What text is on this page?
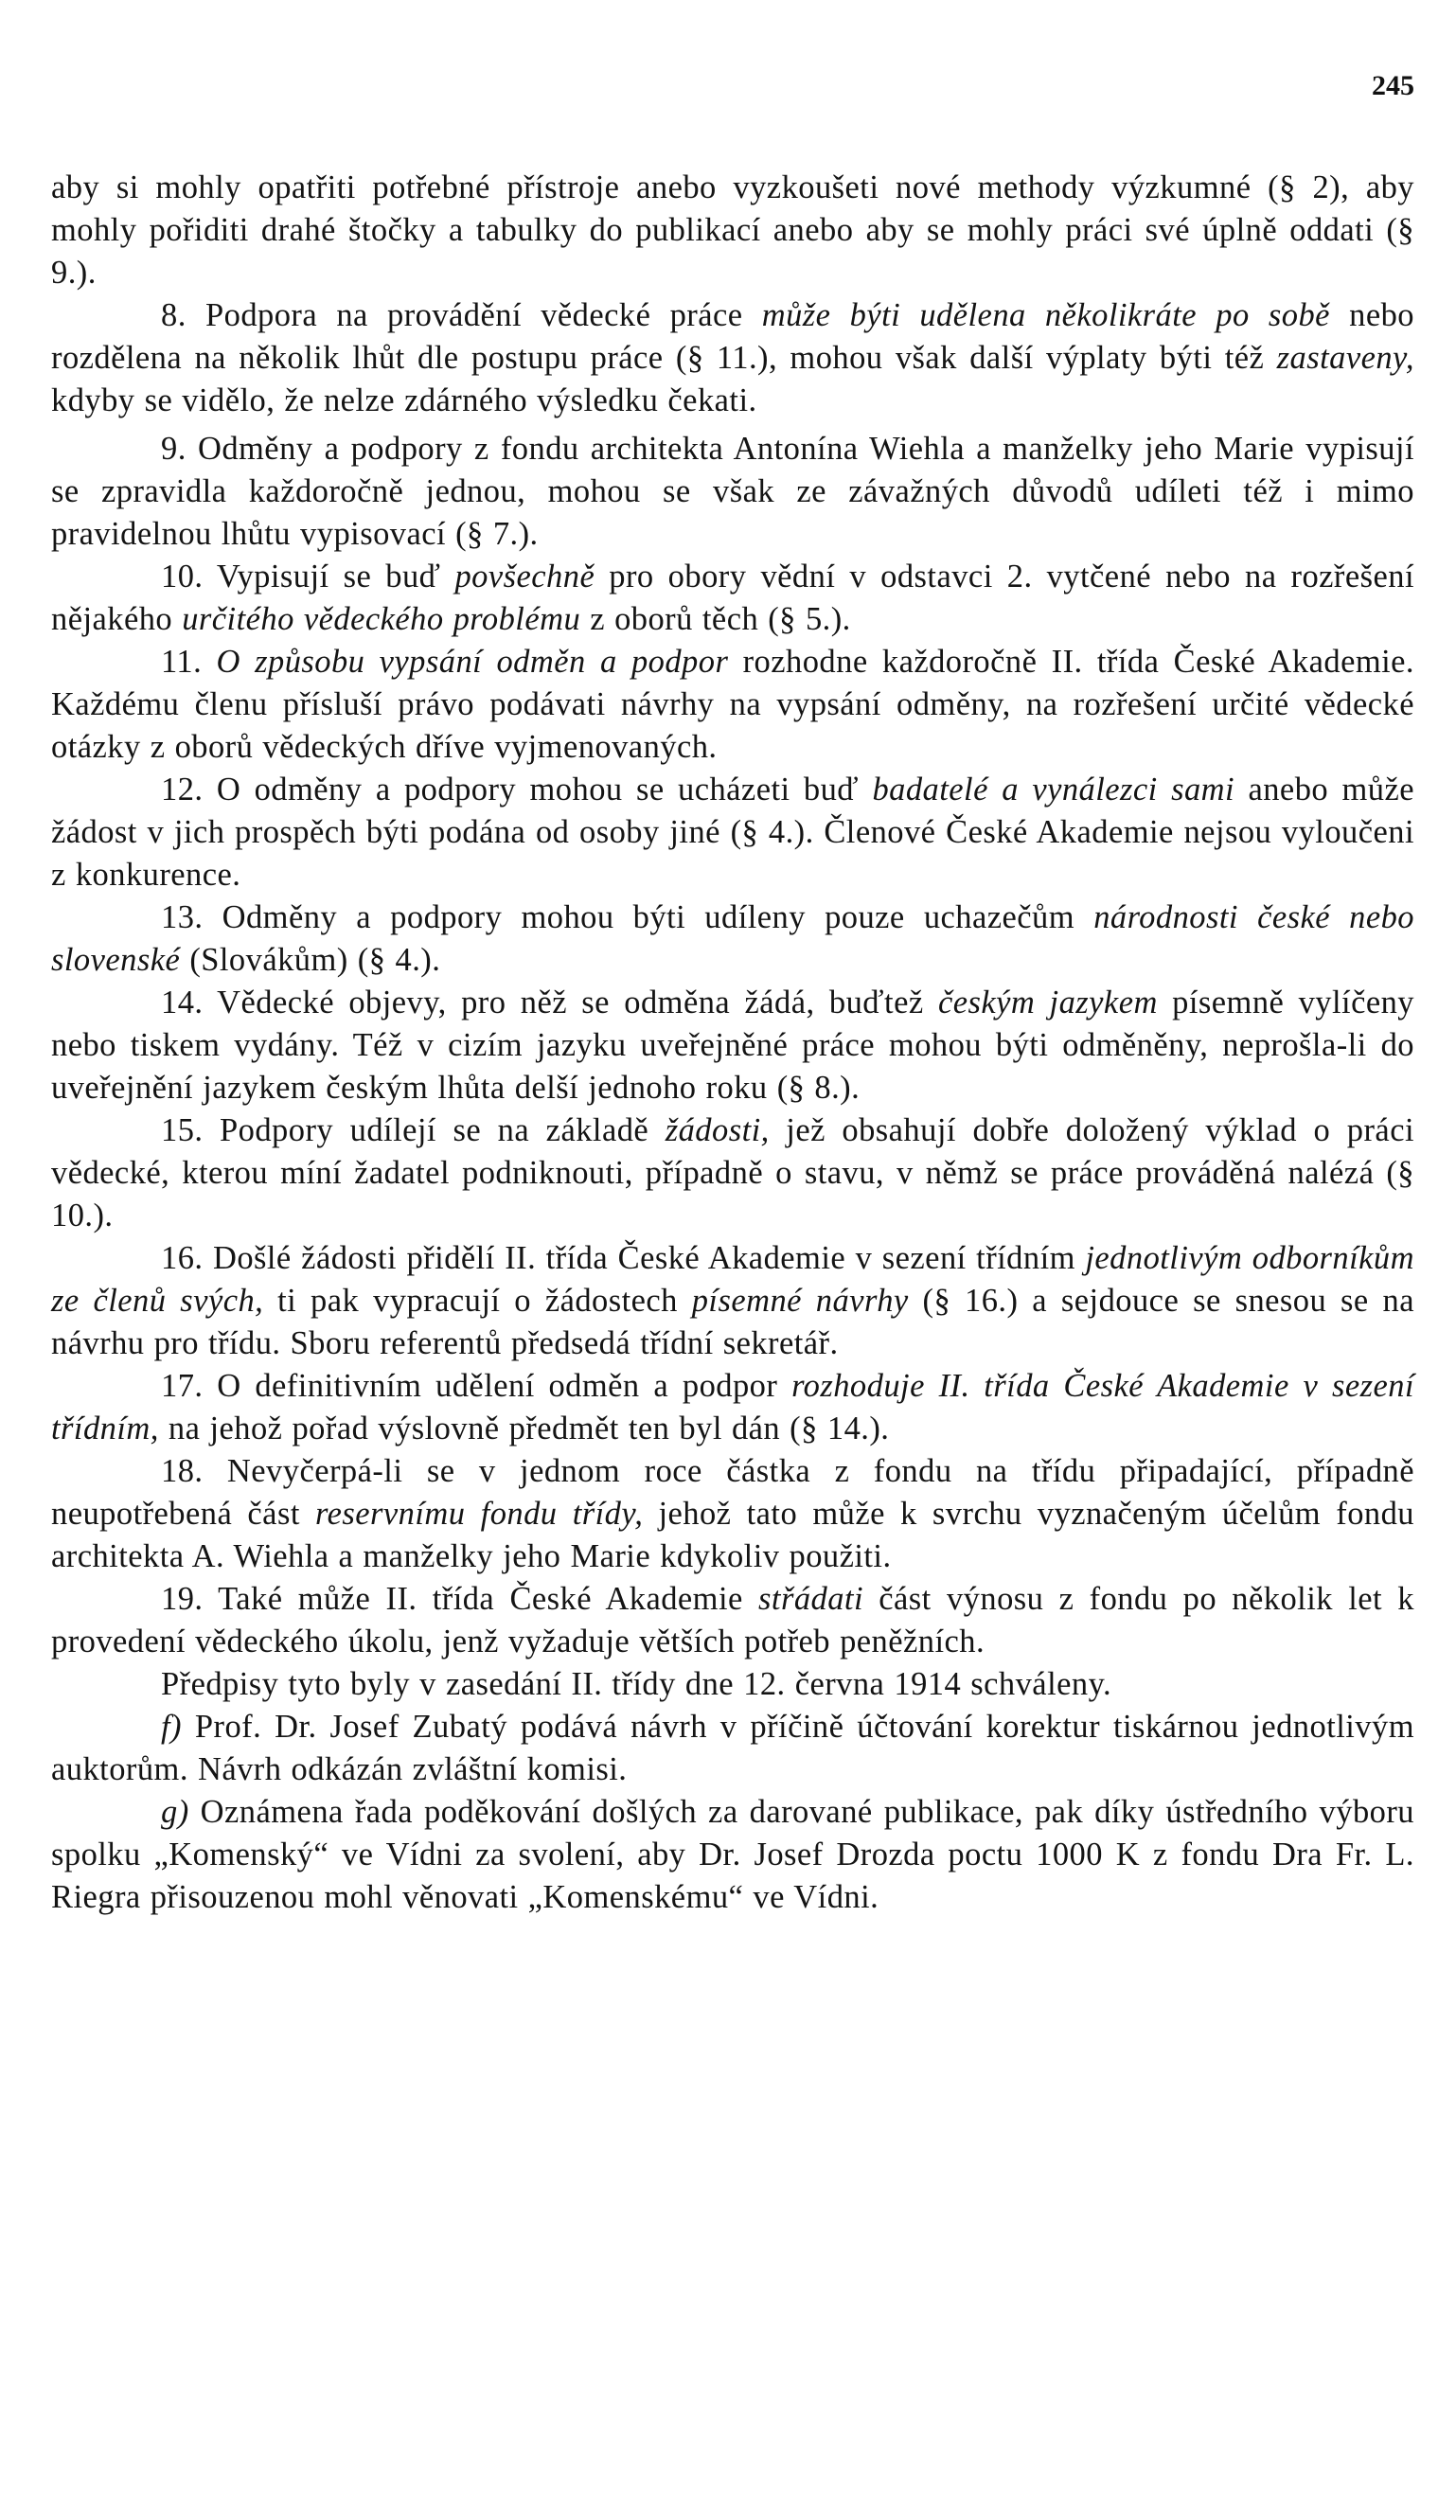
245

aby si mohly opatřiti potřebné přístroje anebo vyzkoušeti nové methody výzkumné (§ 2), aby mohly pořiditi drahé štočky a tabulky do publikací anebo aby se mohly práci své úplně oddati (§ 9.).

8. Podpora na provádění vědecké práce může býti udělena několikráte po sobě nebo rozdělena na několik lhůt dle postupu práce (§ 11.), mohou však další výplaty býti též zastaveny, kdyby se vidělo, že nelze zdárného výsledku čekati.

9. Odměny a podpory z fondu architekta Antonína Wiehla a manželky jeho Marie vypisují se zpravidla každoročně jednou, mohou se však ze závažných důvodů udíleti též i mimo pravidelnou lhůtu vypisovací (§ 7.).

10. Vypisují se buď povšechně pro obory vědní v odstavci 2. vytčené nebo na rozřešení nějakého určitého vědeckého problému z oborů těch (§ 5.).

11. O způsobu vypsání odměn a podpor rozhodne každoročně II. třída České Akademie. Každému členu přísluší právo podávati návrhy na vypsání odměny, na rozřešení určité vědecké otázky z oborů vědeckých dříve vyjmenovaných.

12. O odměny a podpory mohou se ucházeti buď badatelé a vynálezci sami anebo může žádost v jich prospěch býti podána od osoby jiné (§ 4.). Členové České Akademie nejsou vyloučeni z konkurence.

13. Odměny a podpory mohou býti udíleny pouze uchazečům národnosti české nebo slovenské (Slovákům) (§ 4.).

14. Vědecké objevy, pro něž se odměna žádá, buďtež českým jazykem písemně vylíčeny nebo tiskem vydány. Též v cizím jazyku uveřejněné práce mohou býti odměněny, neprošla-li do uveřejnění jazykem českým lhůta delší jednoho roku (§ 8.).

15. Podpory udílejí se na základě žádosti, jež obsahují dobře doložený výklad o práci vědecké, kterou míní žadatel podniknouti, případně o stavu, v němž se práce prováděná nalézá (§ 10.).

16. Došlé žádosti přidělí II. třída České Akademie v sezení třídním jednotlivým odborníkům ze členů svých, ti pak vypracují o žádostech písemné návrhy (§ 16.) a sejdouce se snesou se na návrhu pro třídu. Sboru referentů předsedá třídní sekretář.

17. O definitivním udělení odměn a podpor rozhoduje II. třída České Akademie v sezení třídním, na jehož pořad výslovně předmět ten byl dán (§ 14.).

18. Nevyčerpá-li se v jednom roce částka z fondu na třídu připadající, případně neupotřebená část reservnímu fondu třídy, jehož tato může k svrchu vyznačeným účelům fondu architekta A. Wiehla a manželky jeho Marie kdykoliv použiti.

19. Také může II. třída České Akademie střádati část výnosu z fondu po několik let k provedení vědeckého úkolu, jenž vyžaduje větších potřeb peněžních.

Předpisy tyto byly v zasedání II. třídy dne 12. června 1914 schváleny.

f) Prof. Dr. Josef Zubatý podává návrh v příčině účtování korektur tiskárnou jednotlivým auktorům. Návrh odkázán zvláštní komisi.

g) Oznámena řada poděkování došlých za darované publikace, pak díky ústředního výboru spolku „Komenský“ ve Vídni za svolení, aby Dr. Josef Drozda poctu 1000 K z fondu Dra Fr. L. Riegra přisouzenou mohl věnovati „Komenskému“ ve Vídni.
